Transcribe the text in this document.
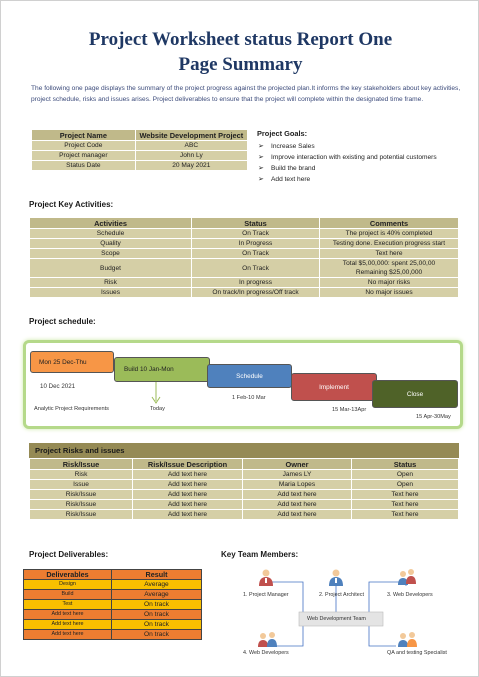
Project Worksheet status Report One
Page Summary
The following one page displays the summary of the project progress against the projected plan.It informs the key stakeholders about key activities, project schedule, risks and issues arises. Project deliverables to ensure that the project will complete within the designated time frame.
Project Name	Website Development Project
Project Code	ABC
Project manager	John Ly
Status Date	20 May 2021
Project Goals:
➢ Increase Sales
➢ Improve interaction with existing and potential customers
➢ Build the brand
➢ Add text here
Project Key Activities:
Activities	Status	Comments
Schedule	On Track	The project is 40% completed
Quality	In Progress	Testing done. Execution progress start
Scope	On Track	Text here
Budget	On Track	Total $5,00,000: spent 25,00,00
Remaining $25,00,000
Risk	In progress	No major risks
Issues	On track/In progress/Off track	No major issues
Project schedule:
Mon 25 Dec-Thu
10 Dec 2021
Analytic Project Requirements
Build 10 Jan-Mon
Today
Schedule
1 Feb-10 Mar
Implement
15 Mar-13Apr
Close
15 Apr-30May
Project Risks and issues
Risk/Issue	Risk/Issue Description	Owner	Status
Risk	Add text here	James LY	Open
Issue	Add text here	Maria Lopes	Open
Risk/Issue	Add text here	Add text here	Text here
Risk/Issue	Add text here	Add text here	Text here
Risk/Issue	Add text here	Add text here	Text here
Project Deliverables:
Deliverables	Result
Design	Average
Build	Average
Test	On track
Add text here	On track
Add text here	On track
Add text here	On track
Key Team Members:
Web Development Team
1. Project Manager	2. Project Architect	3. Web Developers
4. Web Developers	QA and testing Specialist
